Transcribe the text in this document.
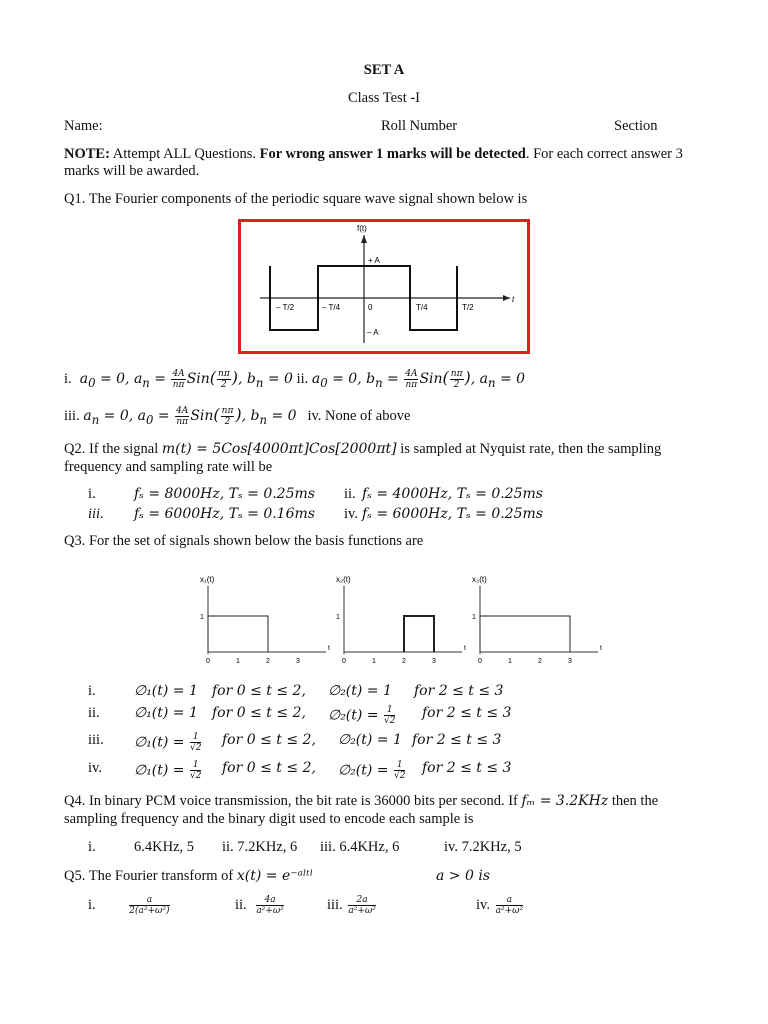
SET A
Class Test -I
Name:	Roll Number	Section
NOTE: Attempt ALL Questions. For wrong answer 1 marks will be detected. For each correct answer 3 marks will be awarded.
Q1. The Fourier components of the periodic square wave signal shown below is
f(t)
+ A
– A
t
– T/2	– T/4	0	T/4	T/2
i.  $a_0 = 0$, $a_n = \frac{4A}{n\pi} Sin( \frac{n\pi}{2}$ ), $b_n = 0$ ii. $a_0 = 0$, $b_n = \frac{4A}{n\pi} Sin( \frac{n\pi}{2}$ ), $a_n = 0$
iii. $a_n = 0$, $a_0 = \frac{4A}{n\pi} Sin( \frac{n\pi}{2}$ ), $b_n = 0$ iv. None of above
Q2. If the signal m(t) = 5Cos[4000πt]Cos[2000πt] is sampled at Nyquist rate, then the sampling
frequency and sampling rate will be
i.	fₛ = 8000Hz, Tₛ = 0.25ms ii. fₛ = 4000Hz, Tₛ = 0.25ms
iii. fₛ = 6000Hz, Tₛ = 0.16ms iv. fₛ = 6000Hz, Tₛ = 0.25ms
Q3. For the set of signals shown below the basis functions are
x₁(t)
1
t
0	1	2	3
x₂(t)
1
t
0	1	2	3
x₃(t)
1
t
0	1	2	3
i.	∅₁(t) = 1 for 0 ≤ t ≤ 2, ∅₂(t) = 1 for 2 ≤ t ≤ 3
ii. ∅₁(t) = 1 for 0 ≤ t ≤ 2, ∅₂(t) = $\frac{1}{√2}$ for 2 ≤ t ≤ 3
iii. ∅₁(t) = $\frac{1}{√2}$ for 0 ≤ t ≤ 2, ∅₂(t) = 1 for 2 ≤ t ≤ 3
iv. ∅₁(t) = $\frac{1}{√2}$ for 0 ≤ t ≤ 2, ∅₂(t) = $\frac{1}{√2}$ for 2 ≤ t ≤ 3
Q4. In binary PCM voice transmission, the bit rate is 36000 bits per second. If fₘ = 3.2KHz then the
sampling frequency and the binary digit used to encode each sample is
i.	6.4KHz, 5 ii. 7.2KHz, 6 iii. 6.4KHz, 6	iv. 7.2KHz, 5
Q5. The Fourier transform of x(t) = e⁻ᵃˡᵗˡ	a > 0 is
i.	$\frac{a}{\text{2(a²+ω²)}}$	ii. $\frac{4a}{\text{a²+ω²}}$	iii. $\frac{2a}{\text{a²+ω²}}$	iv. $\frac{a}{\text{a²+ω²}}$
